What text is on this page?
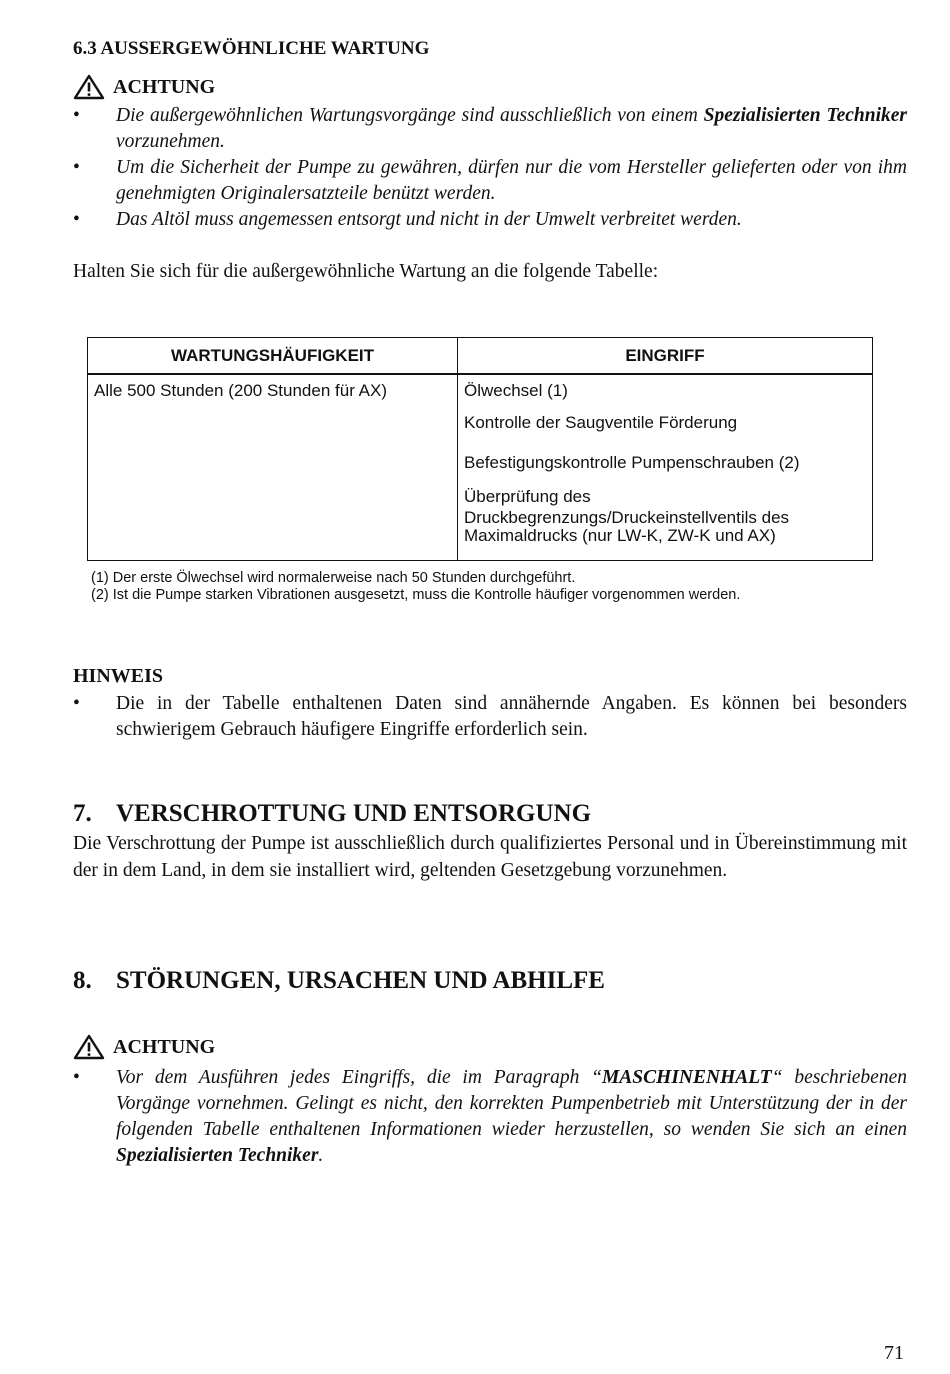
6.3 AUSSERGEWÖHNLICHE WARTUNG
ACHTUNG
• Die außergewöhnlichen Wartungsvorgänge sind ausschließlich von einem Spezialisierten Techniker vorzunehmen.
• Um die Sicherheit der Pumpe zu gewähren, dürfen nur die vom Hersteller gelieferten oder von ihm genehmigten Originalersatzteile benützt werden.
• Das Altöl muss angemessen entsorgt und nicht in der Umwelt verbreitet werden.
Halten Sie sich für die außergewöhnliche Wartung an die folgende Tabelle:
WARTUNGSHÄUFIGKEIT	EINGRIFF
Alle 500 Stunden (200 Stunden für AX)	Ölwechsel (1)
	Kontrolle der Saugventile Förderung
	Befestigungskontrolle Pumpenschrauben (2)

	Überprüfung des
Druckbegrenzungs/Druckeinstellventils des
Maximaldrucks (nur LW-K, ZW-K und AX)
(1) Der erste Ölwechsel wird normalerweise nach 50 Stunden durchgeführt.
(2) Ist die Pumpe starken Vibrationen ausgesetzt, muss die Kontrolle häufiger vorgenommen werden.
HINWEIS
• Die in der Tabelle enthaltenen Daten sind annähernde Angaben. Es können bei besonders schwierigem Gebrauch häufigere Eingriffe erforderlich sein.
7. VERSCHROTTUNG UND ENTSORGUNG
Die Verschrottung der Pumpe ist ausschließlich durch qualifiziertes Personal und in Übereinstimmung mit der in dem Land, in dem sie installiert wird, geltenden Gesetzgebung vorzunehmen.
8. STÖRUNGEN, URSACHEN UND ABHILFE
ACHTUNG
• Vor dem Ausführen jedes Eingriffs, die im Paragraph “MASCHINENHALT“ beschriebenen Vorgänge vornehmen. Gelingt es nicht, den korrekten Pumpenbetrieb mit Unterstützung der in der folgenden Tabelle enthaltenen Informationen wieder herzustellen, so wenden Sie sich an einen Spezialisierten Techniker.
71
